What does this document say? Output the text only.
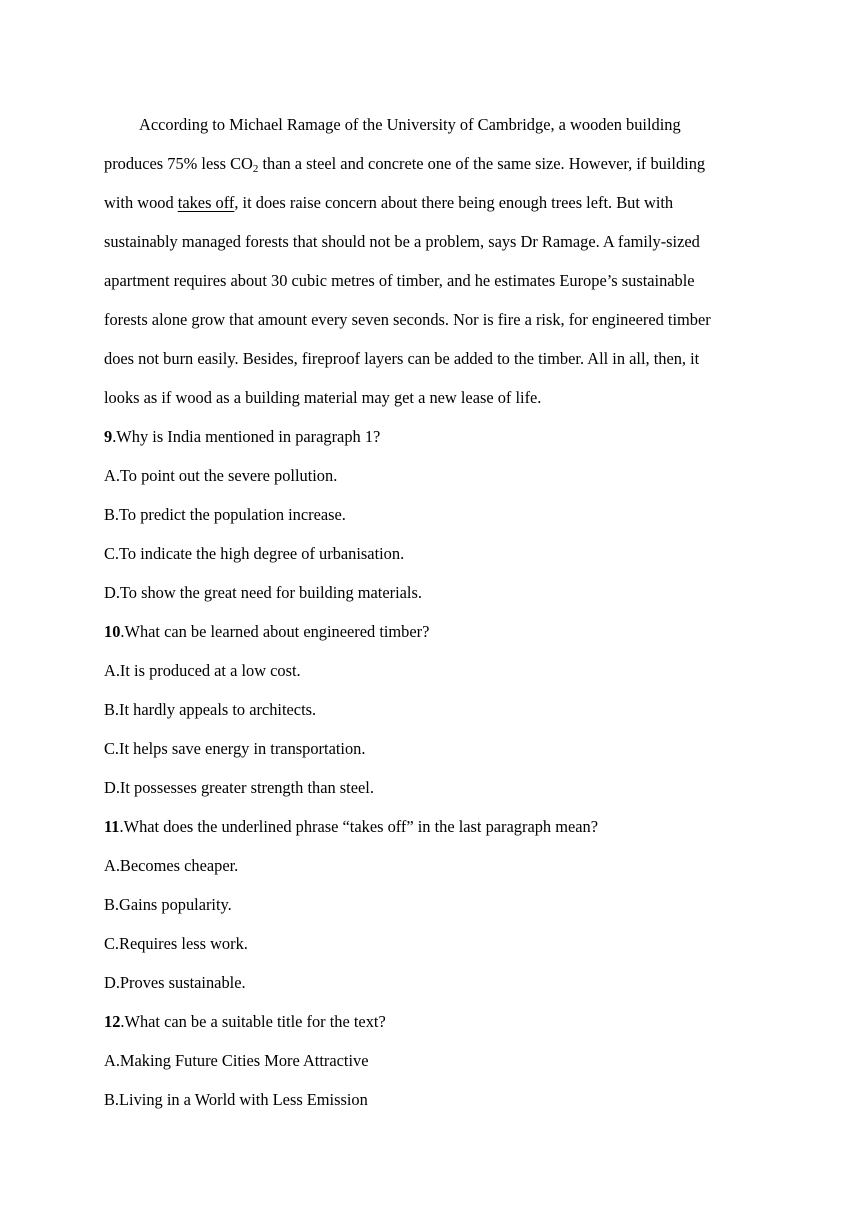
According to Michael Ramage of the University of Cambridge, a wooden building
produces 75% less $CO_2$ than a steel and concrete one of the same size. However, if building
with wood takes off, it does raise concern about there being enough trees left. But with
sustainably managed forests that should not be a problem, says Dr Ramage. A family-sized
apartment requires about 30 cubic metres of timber, and he estimates Europe’s sustainable
forests alone grow that amount every seven seconds. Nor is fire a risk, for engineered timber
does not burn easily. Besides, fireproof layers can be added to the timber. All in all, then, it
looks as if wood as a building material may get a new lease of life.
9.Why is India mentioned in paragraph 1?
A.To point out the severe pollution.
B.To predict the population increase.
C.To indicate the high degree of urbanisation.
D.To show the great need for building materials.
10.What can be learned about engineered timber?
A.It is produced at a low cost.
B.It hardly appeals to architects.
C.It helps save energy in transportation.
D.It possesses greater strength than steel.
11.What does the underlined phrase “takes off” in the last paragraph mean?
A.Becomes cheaper.
B.Gains popularity.
C.Requires less work.
D.Proves sustainable.
12.What can be a suitable title for the text?
A.Making Future Cities More Attractive
B.Living in a World with Less Emission
